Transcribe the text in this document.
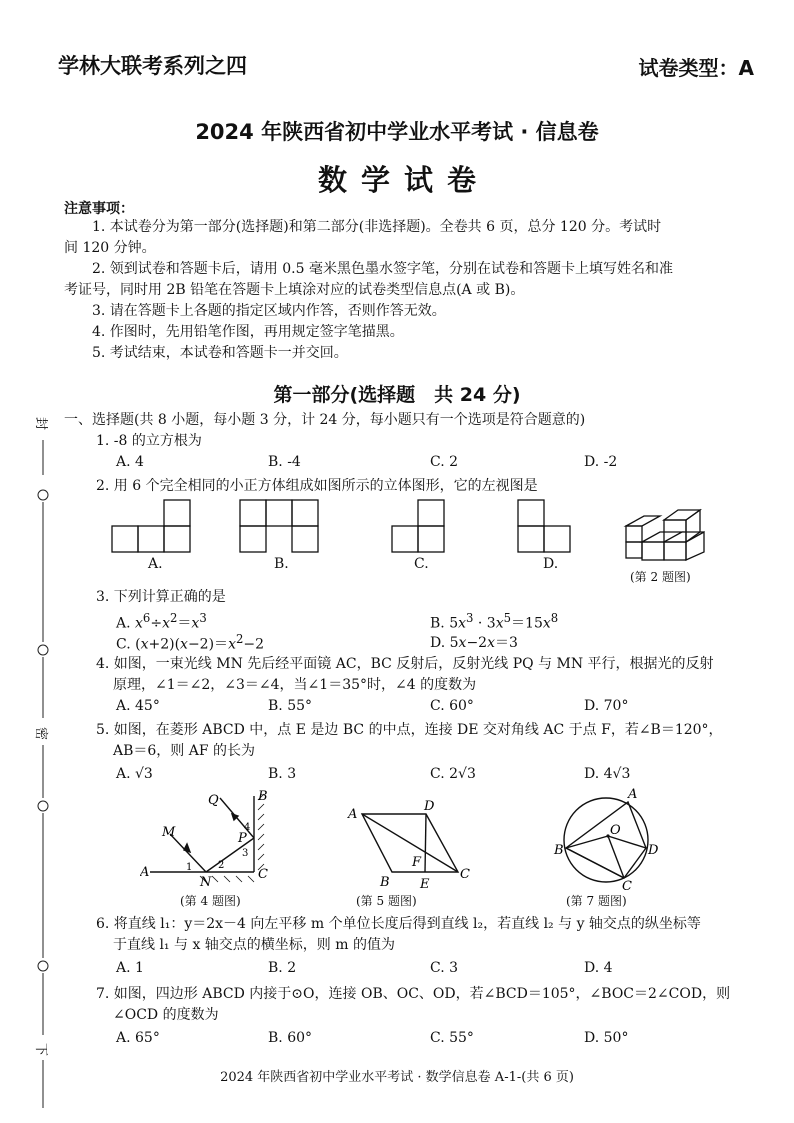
学林大联考系列之四	试卷类型：A
2024 年陕西省初中学业水平考试 · 信息卷
数学试卷
注意事项：
1. 本试卷分为第一部分(选择题)和第二部分(非选择题)。全卷共 6 页，总分 120 分。考试时
间 120 分钟。
2. 领到试卷和答题卡后，请用 0.5 毫米黑色墨水签字笔，分别在试卷和答题卡上填写姓名和准
考证号，同时用 2B 铅笔在答题卡上填涂对应的试卷类型信息点(A 或 B)。
3. 请在答题卡上各题的指定区域内作答，否则作答无效。
4. 作图时，先用铅笔作图，再用规定签字笔描黑。
5. 考试结束，本试卷和答题卡一并交回。
第一部分(选择题　共 24 分)
一、选择题(共 8 小题，每小题 3 分，计 24 分，每小题只有一个选项是符合题意的)
封
密
下
1. -8 的立方根为
A. 4	B. -4	C. 2	D. -2
2. 用 6 个完全相同的小正方体组成如图所示的立体图形，它的左视图是
A.	B.	C.	D.
(第 2 题图)
3. 下列计算正确的是
A. $x^6\div x^2=x^3$	B. $5x^3 \cdot 3x^5=15x^8$
C. $(x+2)(x-2)=x^2-2$	D. 5x−2x＝3
4. 如图，一束光线 MN 先后经平面镜 AC，BC 反射后，反射光线 PQ 与 MN 平行，根据光的反射
原理，∠1＝∠2，∠3＝∠4，当∠1＝35°时，∠4 的度数为
A. 45°	B. 55°	C. 60°	D. 70°
5. 如图，在菱形 ABCD 中，点 E 是边 BC 的中点，连接 DE 交对角线 AC 于点 F，若∠B＝120°，
AB＝6，则 AF 的长为
A. √3	B. 3	C. 2√3	D. 4√3
M
Q	B
P
C
A
N
1	2
3
4
(第 4 题图)
A
D
B
C
E
F
(第 5 题图)
A
B
C
D
O
(第 7 题图)
6. 将直线 l₁：y＝2x－4 向左平移 m 个单位长度后得到直线 l₂，若直线 l₂ 与 y 轴交点的纵坐标等
于直线 l₁ 与 x 轴交点的横坐标，则 m 的值为
A. 1	B. 2	C. 3	D. 4
7. 如图，四边形 ABCD 内接于⊙O，连接 OB、OC、OD，若∠BCD＝105°，∠BOC＝2∠COD，则
∠OCD 的度数为
A. 65°	B. 60°	C. 55°	D. 50°
2024 年陕西省初中学业水平考试 · 数学信息卷 A-1-(共 6 页)
